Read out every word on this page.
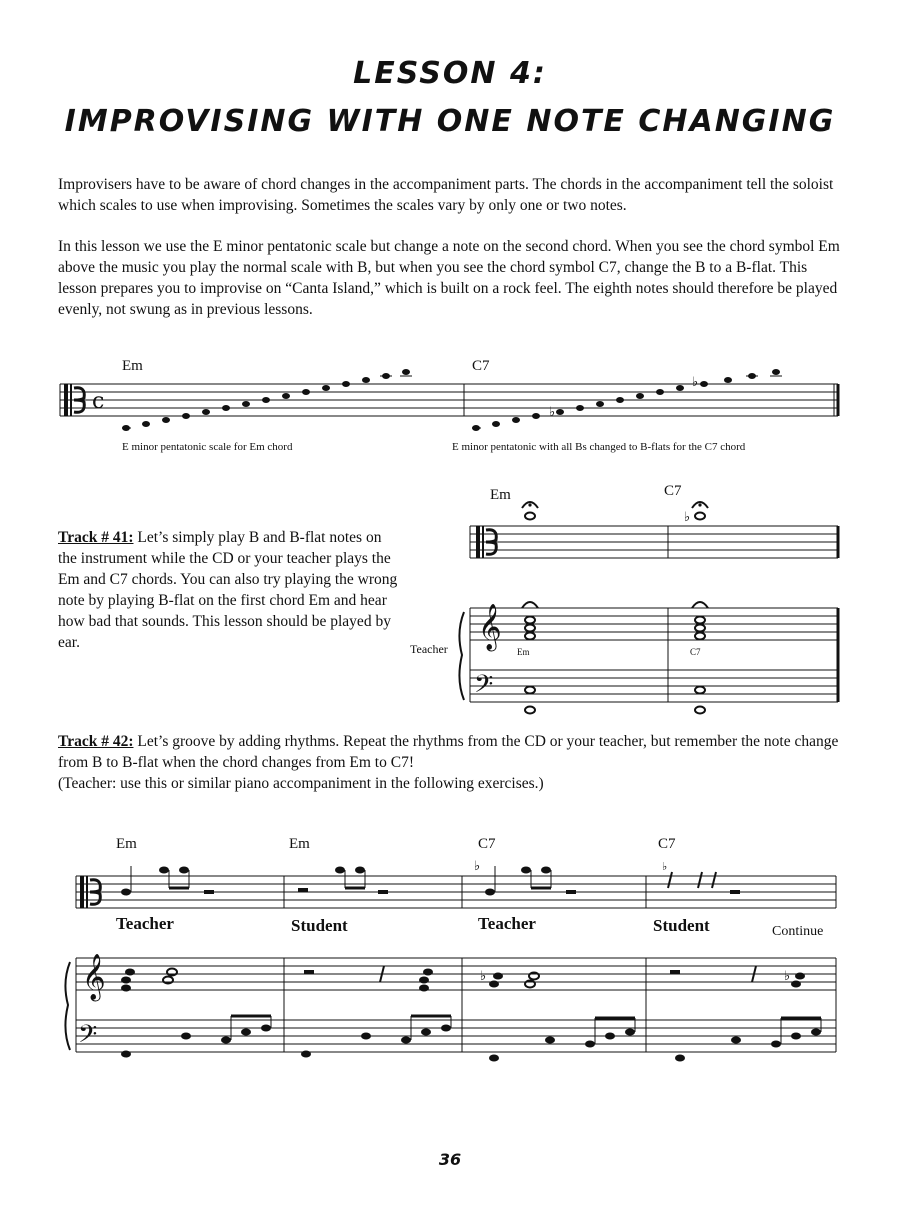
LESSON 4:
IMPROVISING WITH ONE NOTE CHANGING

Improvisers have to be aware of chord changes in the accompaniment parts. The chords in the accompaniment tell the soloist which scales to use when improvising. Sometimes the scales vary by only one or two notes.

In this lesson we use the E minor pentatonic scale but change a note on the second chord. When you see the chord symbol Em above the music you play the normal scale with B, but when you see the chord symbol C7, change the B to a B-flat. This lesson prepares you to improvise on “Canta Island,” which is built on a rock feel. The eighth notes should therefore be played evenly, not swung as in previous lessons.

Em	C7
E minor pentatonic scale for Em chord	E minor pentatonic with all Bs changed to B-flats for the C7 chord

Track # 41: Let’s simply play B and B-flat notes on the instrument while the CD or your teacher plays the Em and C7 chords. You can also try playing the wrong note by playing B-flat on the first chord Em and hear how bad that sounds. This lesson should be played by ear.

Em	C7
Teacher	Em	C7

Track # 42: Let’s groove by adding rhythms. Repeat the rhythms from the CD or your teacher, but remember the note change from B to B-flat when the chord changes from Em to C7!

(Teacher: use this or similar piano accompaniment in the following exercises.)

Em	Em	C7	C7
Teacher	Student	Teacher	Student	Continue
36
c	♭
♭
♭
𝄞
𝄢
𝄞
𝄢
♭	♭
♭	♭
